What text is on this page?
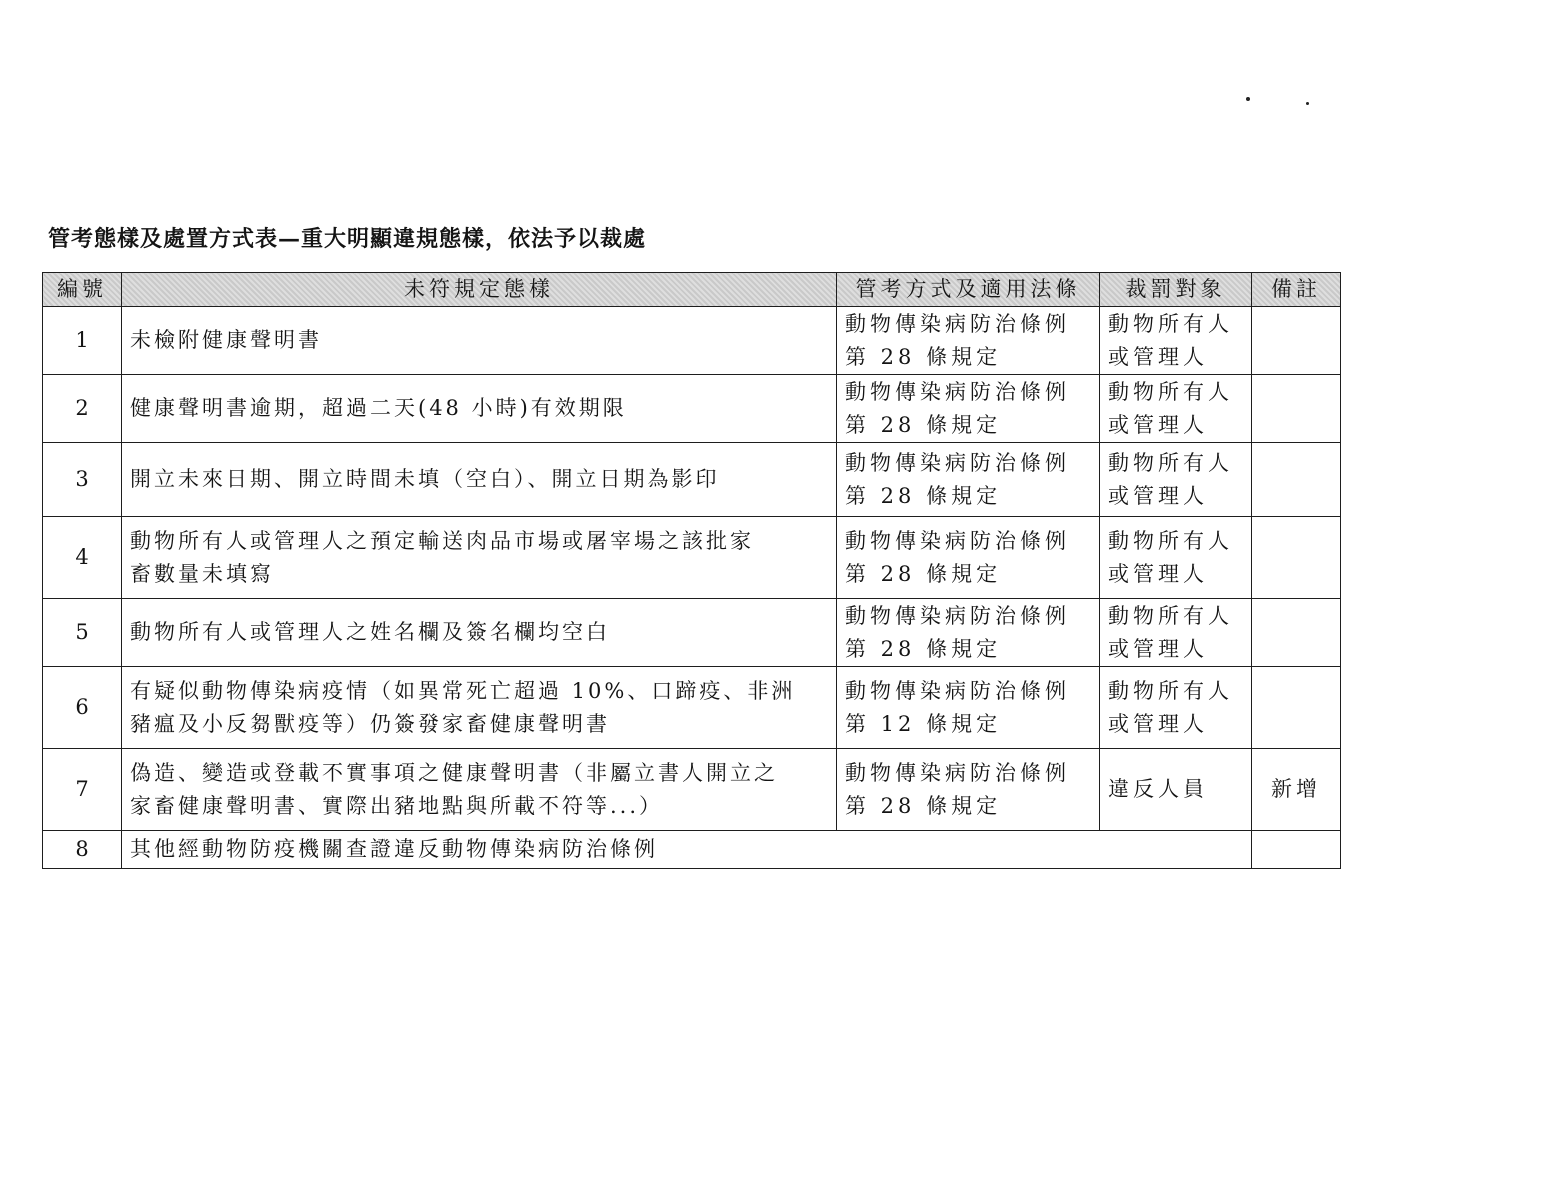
管考態樣及處置方式表—重大明顯違規態樣，依法予以裁處
編號	未符規定態樣	管考方式及適用法條	裁罰對象	備註
1	未檢附健康聲明書	動物傳染病防治條例
第 28 條規定	動物所有人
或管理人	

2	健康聲明書逾期，超過二天(48 小時)有效期限	動物傳染病防治條例
第 28 條規定	動物所有人
或管理人	

3	開立未來日期、開立時間未填（空白）、開立日期為影印	動物傳染病防治條例
第 28 條規定	動物所有人
或管理人	

4	動物所有人或管理人之預定輸送肉品市場或屠宰場之該批家
畜數量未填寫	動物傳染病防治條例
第 28 條規定	動物所有人
或管理人	

5	動物所有人或管理人之姓名欄及簽名欄均空白	動物傳染病防治條例
第 28 條規定	動物所有人
或管理人	

6	有疑似動物傳染病疫情（如異常死亡超過 10%、口蹄疫、非洲
豬瘟及小反芻獸疫等）仍簽發家畜健康聲明書	動物傳染病防治條例
第 12 條規定	動物所有人
或管理人	

7	偽造、變造或登載不實事項之健康聲明書（非屬立書人開立之
家畜健康聲明書、實際出豬地點與所載不符等...）	動物傳染病防治條例
第 28 條規定	違反人員	新增
8	其他經動物防疫機關查證違反動物傳染病防治條例			
